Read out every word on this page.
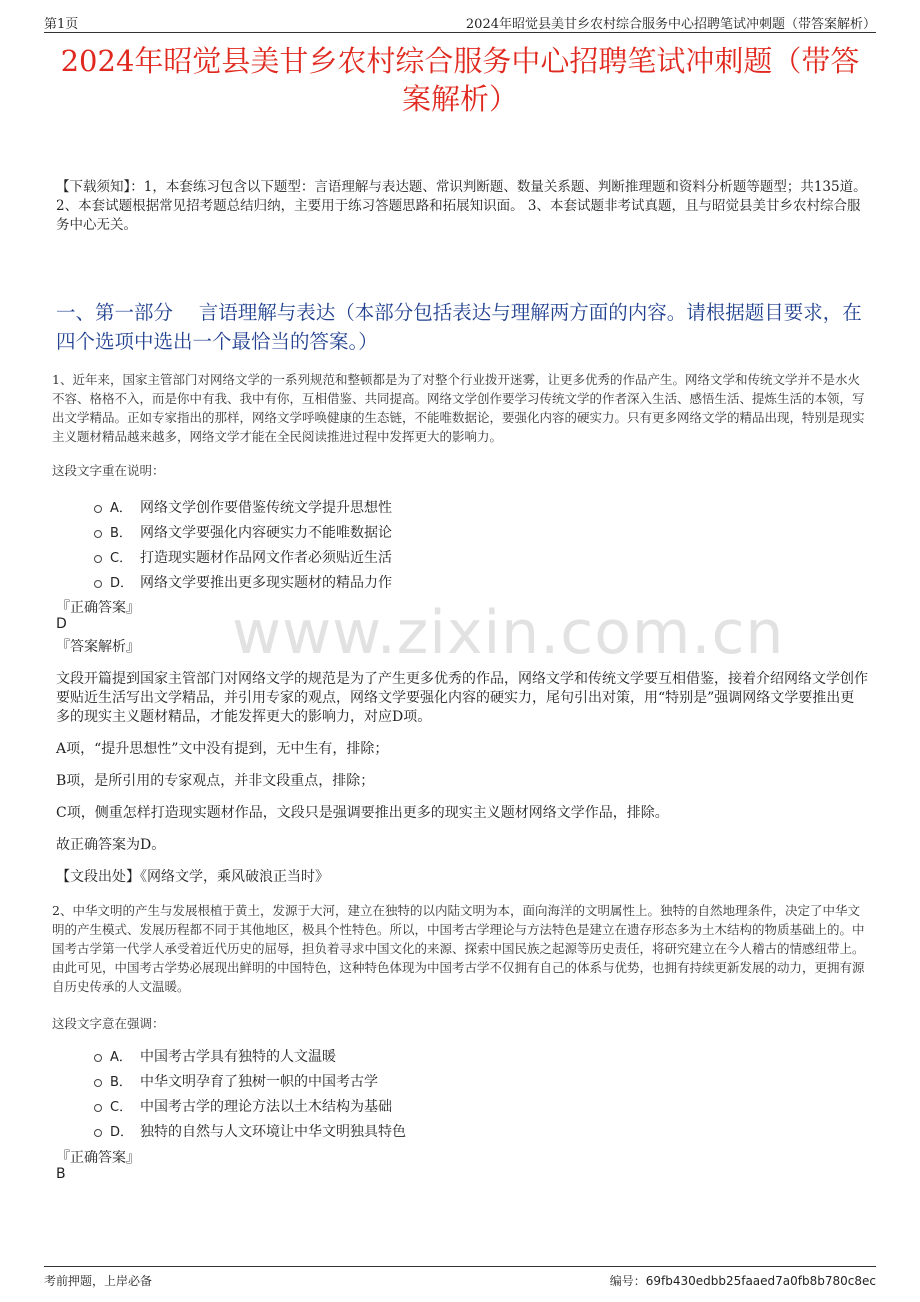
第1页	2024年昭觉县美甘乡农村综合服务中心招聘笔试冲刺题（带答案解析）
2024年昭觉县美甘乡农村综合服务中心招聘笔试冲刺题（带答
案解析）
【下载须知】：1，本套练习包含以下题型：言语理解与表达题、常识判断题、数量关系题、判断推理题和资料分析题等题型；共135道。 2、本套试题根据常见招考题总结归纳，主要用于练习答题思路和拓展知识面。 3、本套试题非考试真题，且与昭觉县美甘乡农村综合服务中心无关。
一、第一部分　 言语理解与表达（本部分包括表达与理解两方面的内容。请根据题目要求，在四个选项中选出一个最恰当的答案。）
1、近年来，国家主管部门对网络文学的一系列规范和整顿都是为了对整个行业拨开迷雾，让更多优秀的作品产生。网络文学和传统文学并不是水火不容、格格不入，而是你中有我、我中有你，互相借鉴、共同提高。网络文学创作要学习传统文学的作者深入生活、感悟生活、提炼生活的本领，写出文学精品。正如专家指出的那样，网络文学呼唤健康的生态链，不能唯数据论，要强化内容的硬实力。只有更多网络文学的精品出现，特别是现实主义题材精品越来越多，网络文学才能在全民阅读推进过程中发挥更大的影响力。
这段文字重在说明：
A． 网络文学创作要借鉴传统文学提升思想性
B． 网络文学要强化内容硬实力不能唯数据论
C． 打造现实题材作品网文作者必须贴近生活
D． 网络文学要推出更多现实题材的精品力作
『正确答案』
D
『答案解析』 www.zixin.com.cn
文段开篇提到国家主管部门对网络文学的规范是为了产生更多优秀的作品，网络文学和传统文学要互相借鉴，接着介绍网络文学创作要贴近生活写出文学精品，并引用专家的观点，网络文学要强化内容的硬实力，尾句引出对策，用“特别是”强调网络文学要推出更多的现实主义题材精品，才能发挥更大的影响力，对应D项。
A项，“提升思想性”文中没有提到，无中生有，排除；
B项，是所引用的专家观点，并非文段重点，排除；
C项，侧重怎样打造现实题材作品，文段只是强调要推出更多的现实主义题材网络文学作品，排除。
故正确答案为D。
【文段出处】《网络文学，乘风破浪正当时》
2、中华文明的产生与发展根植于黄土，发源于大河，建立在独特的以内陆文明为本，面向海洋的文明属性上。独特的自然地理条件，决定了中华文明的产生模式、发展历程都不同于其他地区，极具个性特色。所以，中国考古学理论与方法特色是建立在遗存形态多为土木结构的物质基础上的。中国考古学第一代学人承受着近代历史的屈辱，担负着寻求中国文化的来源、探索中国民族之起源等历史责任，将研究建立在今人稽古的情感纽带上。由此可见，中国考古学势必展现出鲜明的中国特色，这种特色体现为中国考古学不仅拥有自己的体系与优势，也拥有持续更新发展的动力，更拥有源自历史传承的人文温暖。
这段文字意在强调：
A． 中国考古学具有独特的人文温暖
B． 中华文明孕育了独树一帜的中国考古学
C． 中国考古学的理论方法以土木结构为基础
D． 独特的自然与人文环境让中华文明独具特色
『正确答案』
B
考前押题，上岸必备	编号：69fb430edbb25faaed7a0fb8b780c8ec
